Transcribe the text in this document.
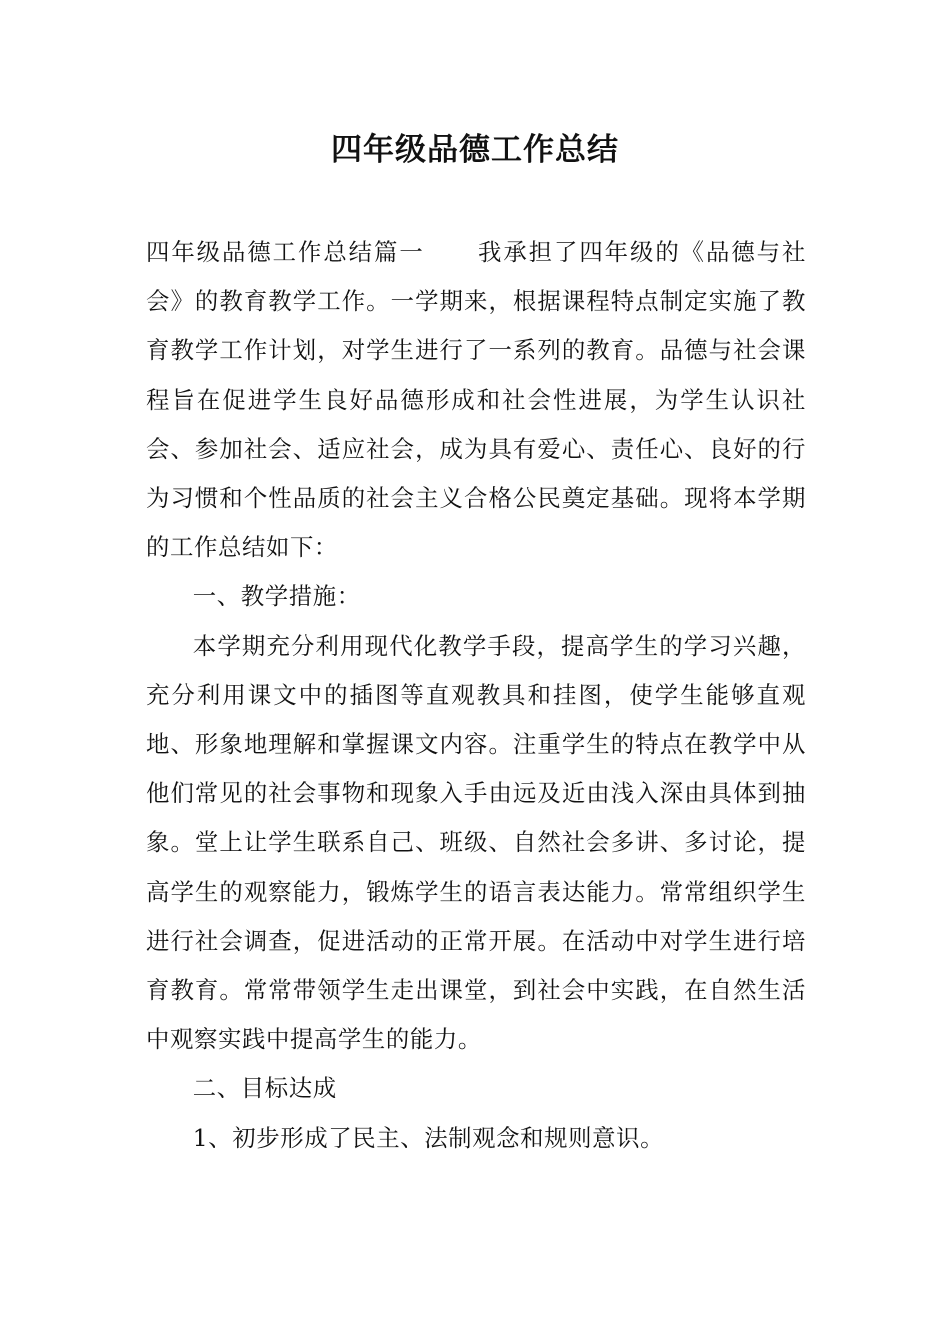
四年级品德工作总结

四年级品德工作总结篇一 我承担了四年级的《品德与社会》的教育教学工作。一学期来，根据课程特点制定实施了教育教学工作计划，对学生进行了一系列的教育。品德与社会课程旨在促进学生良好品德形成和社会性进展，为学生认识社会、参加社会、适应社会，成为具有爱心、责任心、良好的行为习惯和个性品质的社会主义合格公民奠定基础。现将本学期的工作总结如下：

一、教学措施：

本学期充分利用现代化教学手段，提高学生的学习兴趣，充分利用课文中的插图等直观教具和挂图，使学生能够直观地、形象地理解和掌握课文内容。注重学生的特点在教学中从他们常见的社会事物和现象入手由远及近由浅入深由具体到抽象。堂上让学生联系自己、班级、自然社会多讲、多讨论，提高学生的观察能力，锻炼学生的语言表达能力。常常组织学生进行社会调查，促进活动的正常开展。在活动中对学生进行培育教育。常常带领学生走出课堂，到社会中实践，在自然生活中观察实践中提高学生的能力。

二、目标达成

1、初步形成了民主、法制观念和规则意识。
